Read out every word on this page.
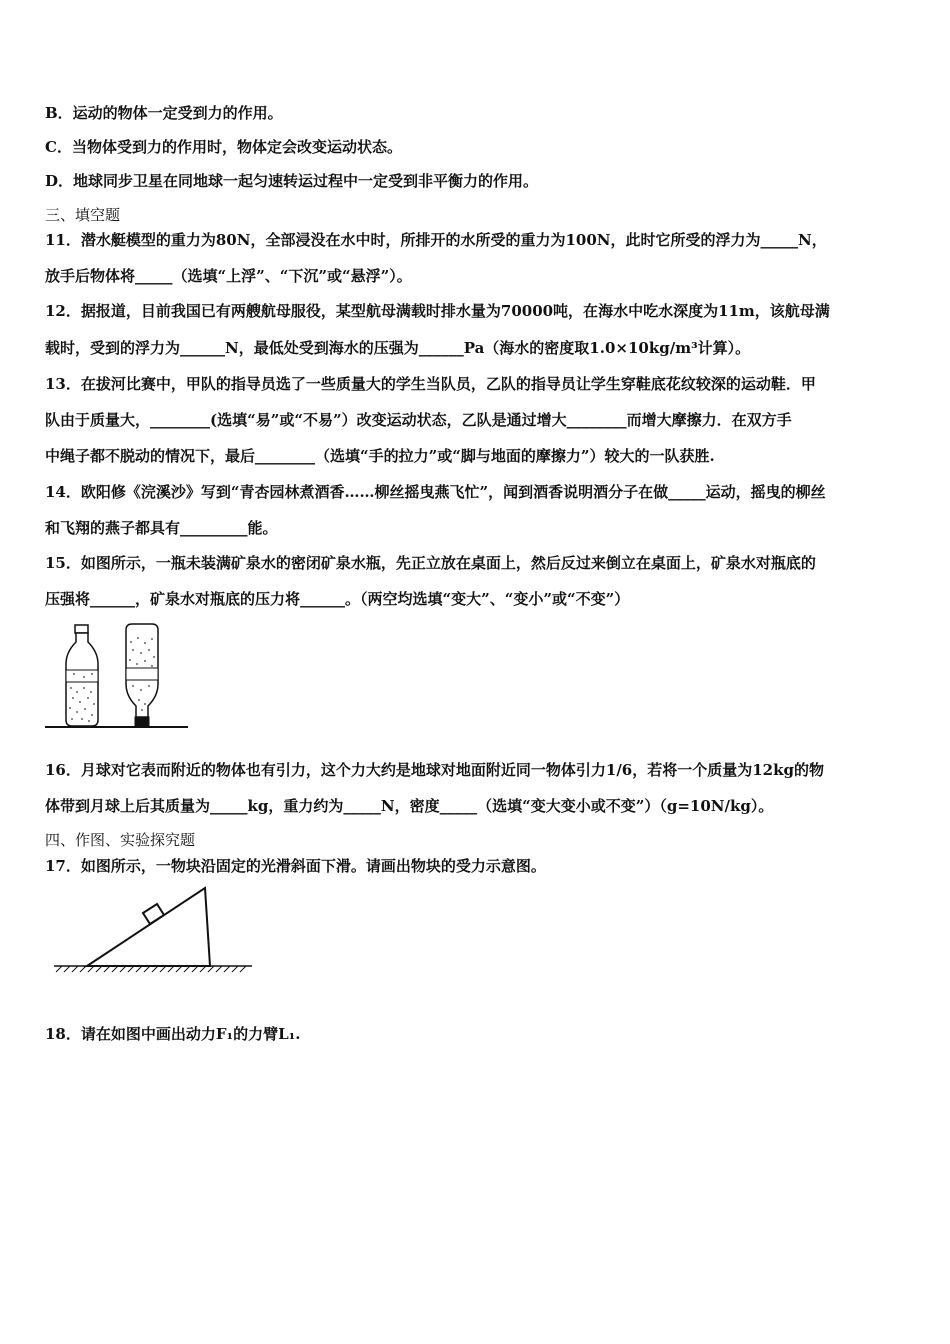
B．运动的物体一定受到力的作用。
C．当物体受到力的作用时，物体定会改变运动状态。
D．地球同步卫星在同地球一起匀速转运过程中一定受到非平衡力的作用。
三、填空题
11．潜水艇模型的重力为80N，全部浸没在水中时，所排开的水所受的重力为100N，此时它所受的浮力为_____N，
放手后物体将_____（选填“上浮”、“下沉”或“悬浮”）。
12．据报道，目前我国已有两艘航母服役，某型航母满载时排水量为70000吨，在海水中吃水深度为11m，该航母满
载时，受到的浮力为______N，最低处受到海水的压强为______Pa（海水的密度取1.0×10kg/m³计算）。
13．在拔河比赛中，甲队的指导员选了一些质量大的学生当队员，乙队的指导员让学生穿鞋底花纹较深的运动鞋．甲
队由于质量大，________(选填“易”或“不易”）改变运动状态，乙队是通过增大________而增大摩擦力．在双方手
中绳子都不脱动的情况下，最后________（选填“手的拉力”或“脚与地面的摩擦力”）较大的一队获胜.
14．欧阳修《浣溪沙》写到“青杏园林煮酒香……柳丝摇曳燕飞忙”，闻到酒香说明酒分子在做_____运动，摇曳的柳丝
和飞翔的燕子都具有_________能。
15．如图所示，一瓶未装满矿泉水的密闭矿泉水瓶，先正立放在桌面上，然后反过来倒立在桌面上，矿泉水对瓶底的
压强将______，矿泉水对瓶底的压力将______。（两空均选填“变大”、“变小”或“不变”）
16．月球对它表而附近的物体也有引力，这个力大约是地球对地面附近同一物体引力1/6，若将一个质量为12kg的物
体带到月球上后其质量为_____kg，重力约为_____N，密度_____（选填“变大变小或不变”）（g=10N/kg）。
四、作图、实验探究题
17．如图所示，一物块沿固定的光滑斜面下滑。请画出物块的受力示意图。
18．请在如图中画出动力F₁的力臂L₁.
